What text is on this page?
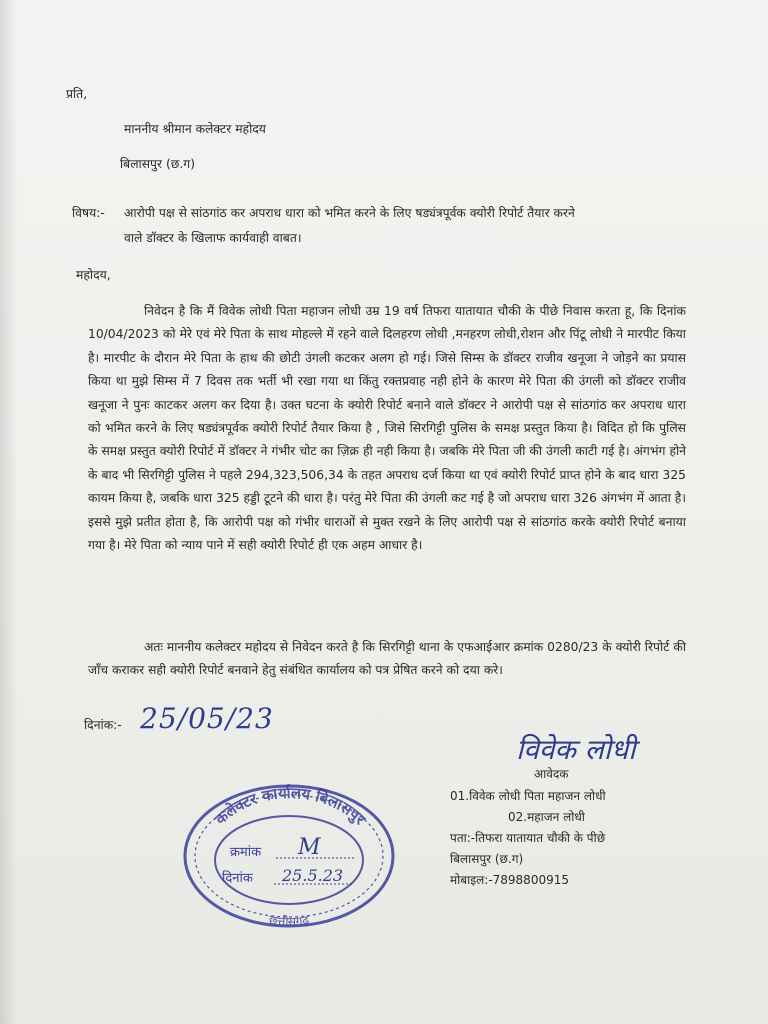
प्रति,
माननीय श्रीमान कलेक्टर महोदय
बिलासपुर (छ.ग)
विषय:- आरोपी पक्ष से सांठगांठ कर अपराध धारा को भमित करने के लिए षड्यंत्रपूर्वक क्योरी रिपोर्ट तैयार करने
वाले डॉक्टर के खिलाफ कार्यवाही वाबत।
महोदय,
निवेदन है कि मैं विवेक लोधी पिता महाजन लोधी उम्र 19 वर्ष तिफरा यातायात चौकी के पीछे निवास करता हू, कि दिनांक 10/04/2023 को मेरे एवं मेरे पिता के साथ मोहल्ले में रहने वाले दिलहरण लोधी ,मनहरण लोधी,रोशन और पिंटू लोधी ने मारपीट किया है। मारपीट के दौरान मेरे पिता के हाथ की छोटी उंगली कटकर अलग हो गई। जिसे सिम्स के डॉक्टर राजीव खनूजा ने जोड़ने का प्रयास किया था मुझे सिम्स में 7 दिवस तक भर्ती भी रखा गया था किंतु रक्तप्रवाह नही होने के कारण मेरे पिता की उंगली को डॉक्टर राजीव खनूजा ने पुनः काटकर अलग कर दिया है। उक्त घटना के क्योरी रिपोर्ट बनाने वाले डॉक्टर ने आरोपी पक्ष से सांठगांठ कर अपराध धारा को भमित करने के लिए षड्यंत्रपूर्वक क्योरी रिपोर्ट तैयार किया है , जिसे सिरगिट्टी पुलिस के समक्ष प्रस्तुत किया है। विदित हो कि पुलिस के समक्ष प्रस्तुत क्योरी रिपोर्ट में डॉक्टर ने गंभीर चोट का ज़िक्र ही नही किया है। जबकि मेरे पिता जी की उंगली काटी गई है। अंगभंग होने के बाद भी सिरगिट्टी पुलिस ने पहले 294,323,506,34 के तहत अपराध दर्ज किया था एवं क्योरी रिपोर्ट प्राप्त होने के बाद धारा 325 कायम किया है, जबकि धारा 325 हड्डी टूटने की धारा है। परंतु मेरे पिता की उंगली कट गई है जो अपराध धारा 326 अंगभंग में आता है। इससे मुझे प्रतीत होता है, कि आरोपी पक्ष को गंभीर धाराओं से मुक्त रखने के लिए आरोपी पक्ष से सांठगांठ करके क्योरी रिपोर्ट बनाया गया है। मेरे पिता को न्याय पाने में सही क्योरी रिपोर्ट ही एक अहम आधार है।
अतः माननीय कलेक्टर महोदय से निवेदन करते है कि सिरगिट्टी थाना के एफआईआर क्रमांक 0280/23 के क्योरी रिपोर्ट की जाँच कराकर सही क्योरी रिपोर्ट बनवाने हेतु संबंधित कार्यालय को पत्र प्रेषित करने को दया करे।
दिनांक:- 25/05/23
विवेक लोधी
आवेदक
01.विवेक लोधी पिता महाजन लोधी
02.महाजन लोधी
पता:-तिफरा यातायात चौकी के पीछे
बिलासपुर (छ.ग)
मोबाइल:-7898800915
कलेक्टर कार्यालय बिलासपुर
छत्तीसगढ़
क्रमांक M
दिनांक 25.5.23
